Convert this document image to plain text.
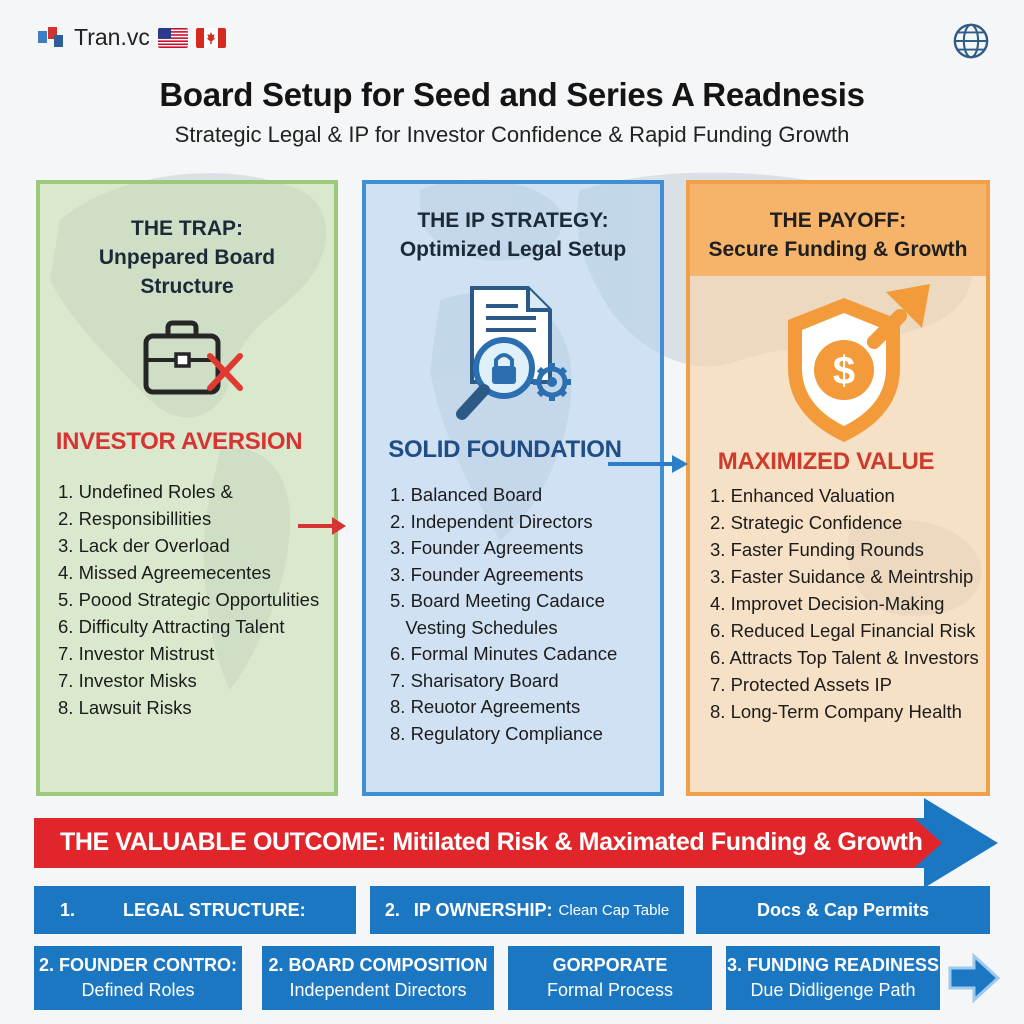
Tran.vc
Board Setup for Seed and Series A Readnesis
Strategic Legal & IP for Investor Confidence & Rapid Funding Growth
THE TRAP:
Unpepared Board
Structure
INVESTOR AVERSION
1. Undefined Roles &
2. Responsibillities
3. Lack der Overload
4. Missed Agreemecentes
5. Poood Strategic Opportulities
6. Difficulty Attracting Talent
7. Investor Mistrust
7. Investor Misks
8. Lawsuit Risks
THE IP STRATEGY:
Optimized Legal Setup
SOLID FOUNDATION
1. Balanced Board
2. Independent Directors
3. Founder Agreements
3. Founder Agreements
5. Board Meeting Cadaıce
Vesting Schedules
6. Formal Minutes Cadance
7. Sharisatory Board
8. Reuotor Agreements
8. Regulatory Compliance
THE PAYOFF:
Secure Funding & Growth
$
MAXIMIZED VALUE
1. Enhanced Valuation
2. Strategic Confidence
3. Faster Funding Rounds
3. Faster Suidance & Meintrship
4. Improvet Decision-Making
6. Reduced Legal Financial Risk
6. Attracts Top Talent & Investors
7. Protected Assets IP
8. Long-Term Company Health
THE VALUABLE OUTCOME: Mitilated Risk & Maximated Funding & Growth
1.	LEGAL STRUCTURE:	2. IP OWNERSHIP: Clean Cap Table	Docs & Cap Permits
2. FOUNDER CONTRO:
Defined Roles
2. BOARD COMPOSITION
Independent Directors
GORPORATE
Formal Process
3. FUNDING READINESS
Due Didligenge Path
